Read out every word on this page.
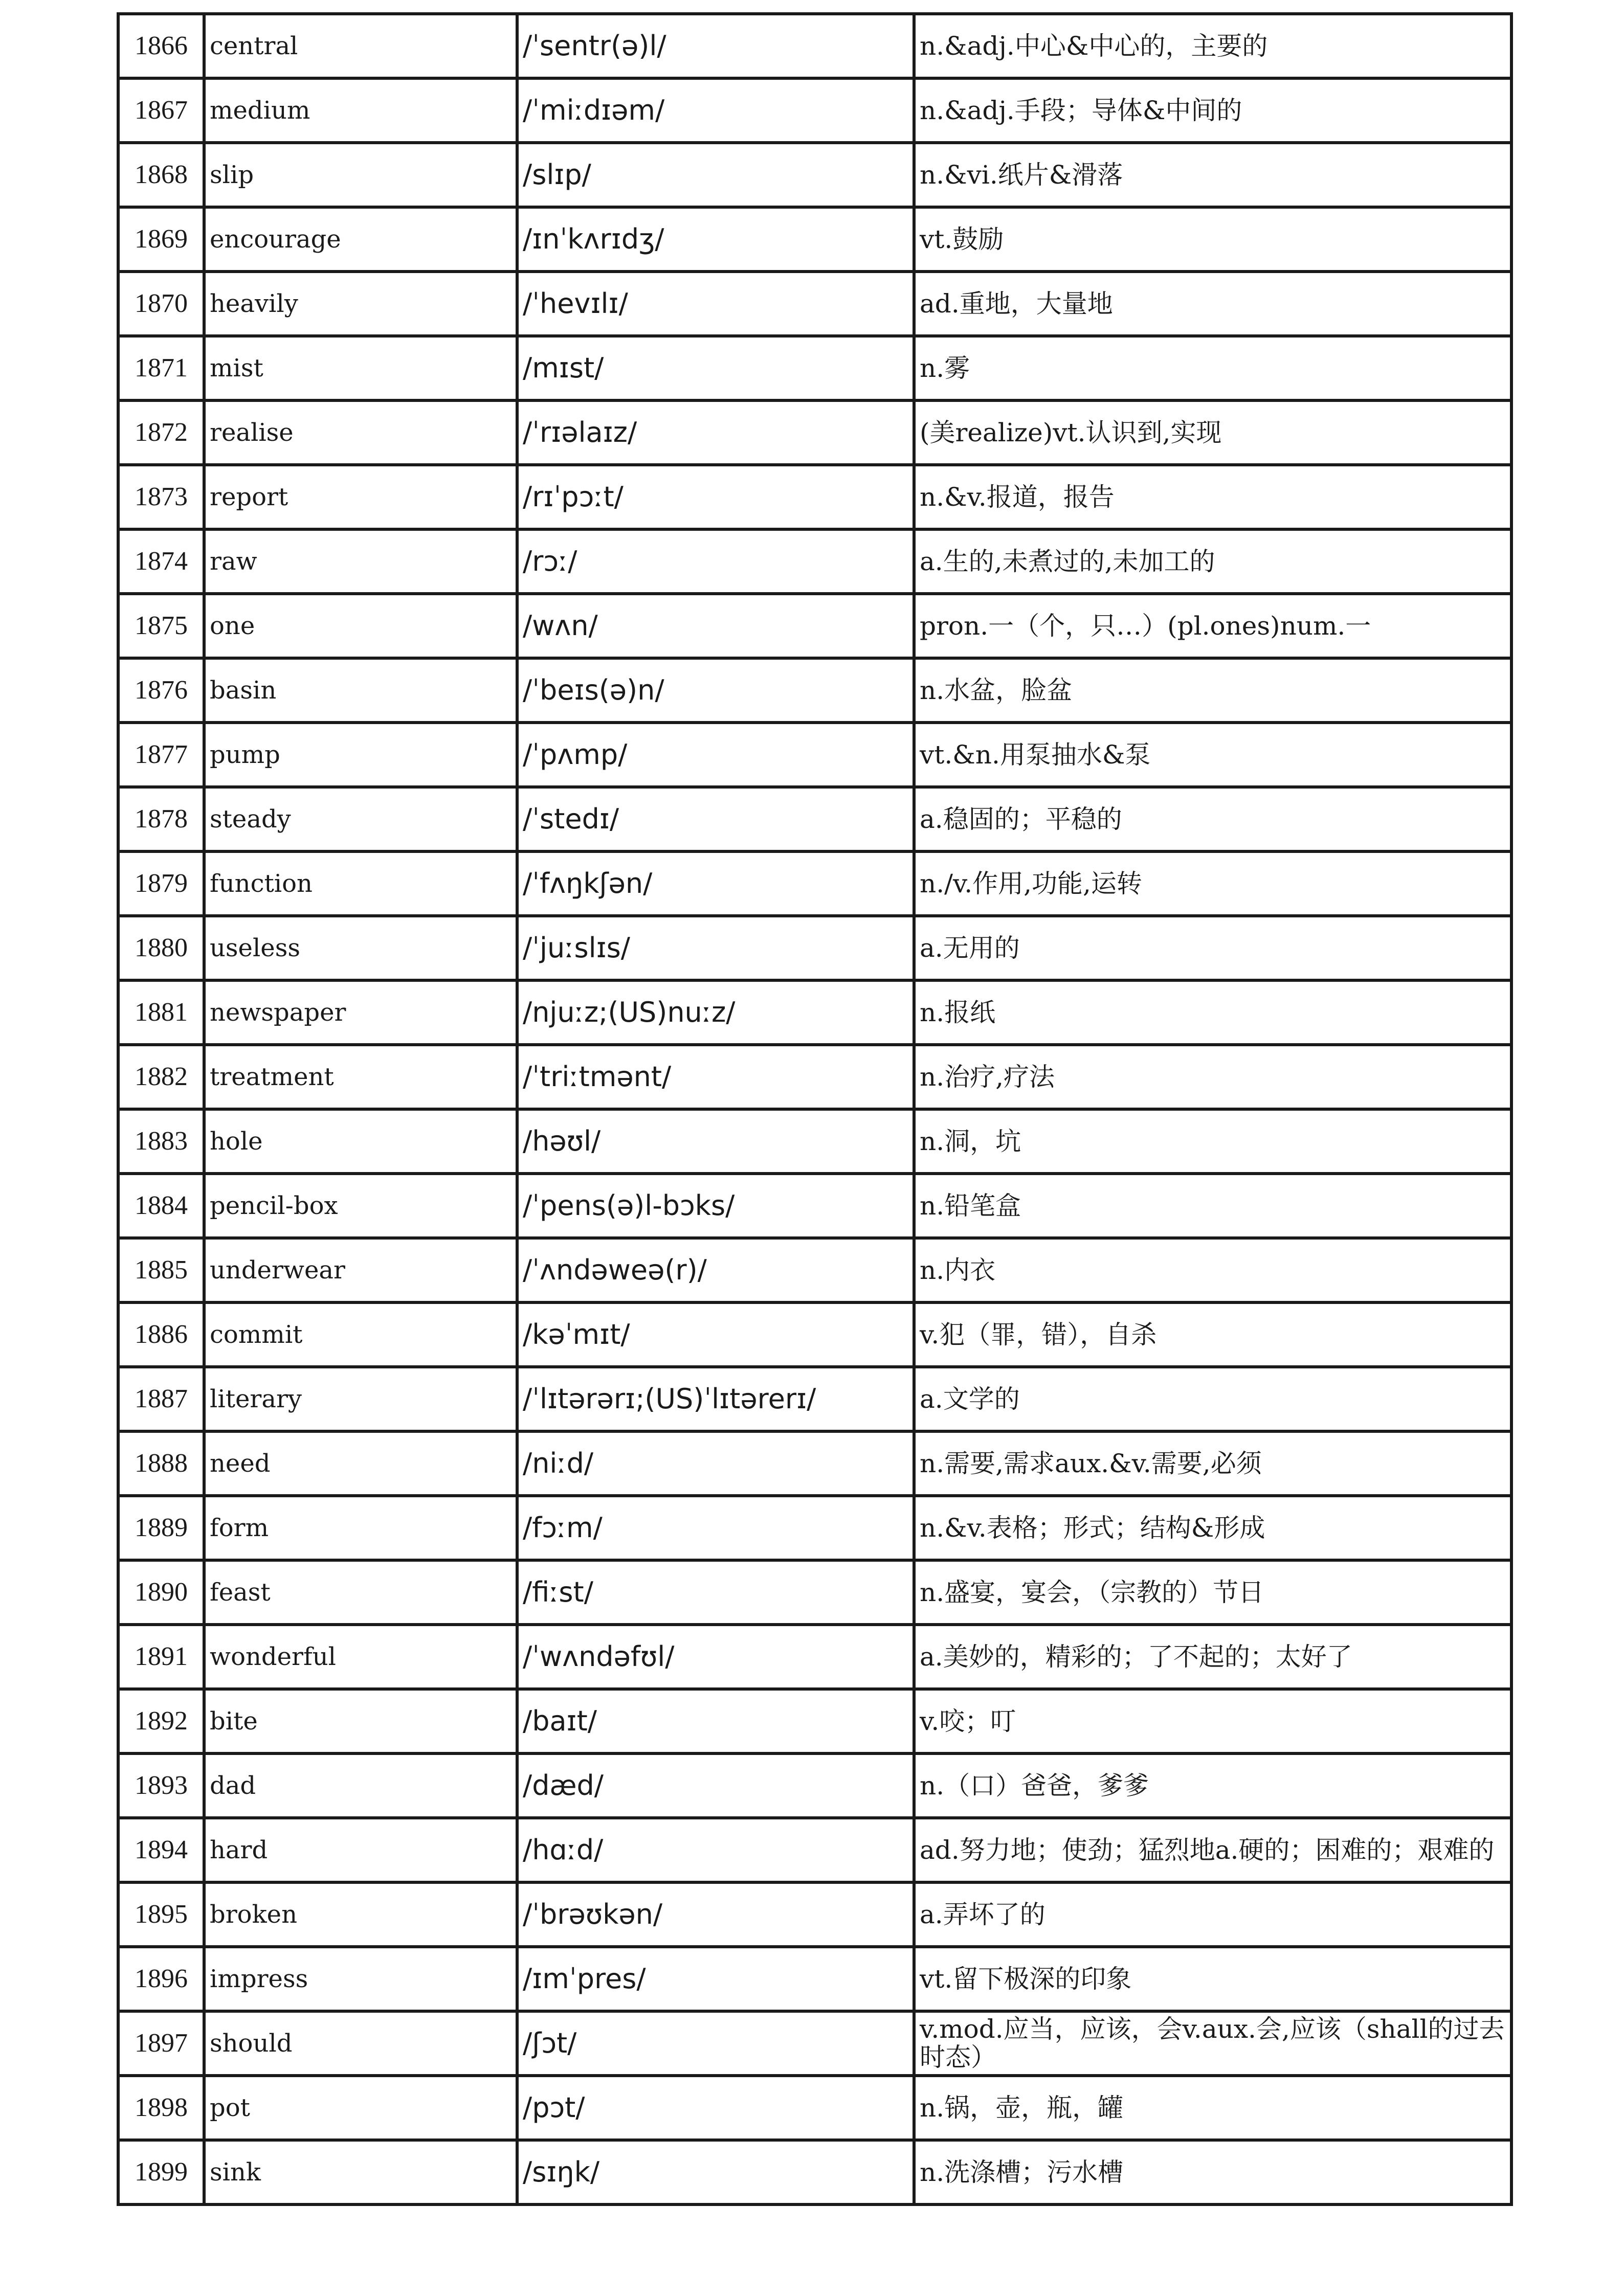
1866	central	/ˈsentr(ə)l/	n.&adj.中心&中心的，主要的
1867	medium	/ˈmiːdɪəm/	n.&adj.手段；导体&中间的
1868	slip	/slɪp/	n.&vi.纸片&滑落
1869	encourage	/ɪnˈkʌrɪdʒ/	vt.鼓励
1870	heavily	/ˈhevɪlɪ/	ad.重地，大量地
1871	mist	/mɪst/	n.雾
1872	realise	/ˈrɪəlaɪz/	(美realize)vt.认识到,实现
1873	report	/rɪˈpɔːt/	n.&v.报道，报告
1874	raw	/rɔː/	a.生的,未煮过的,未加工的
1875	one	/wʌn/	pron.一（个，只…）(pl.ones)num.一
1876	basin	/ˈbeɪs(ə)n/	n.水盆，脸盆
1877	pump	/ˈpʌmp/	vt.&n.用泵抽水&泵
1878	steady	/ˈstedɪ/	a.稳固的；平稳的
1879	function	/ˈfʌŋkʃən/	n./v.作用,功能,运转
1880	useless	/ˈjuːslɪs/	a.无用的
1881	newspaper	/njuːz;(US)nuːz/	n.报纸
1882	treatment	/ˈtriːtmənt/	n.治疗,疗法
1883	hole	/həʊl/	n.洞，坑
1884	pencil-box	/ˈpens(ə)l-bɔks/	n.铅笔盒
1885	underwear	/ˈʌndəweə(r)/	n.内衣
1886	commit	/kəˈmɪt/	v.犯（罪，错），自杀
1887	literary	/ˈlɪtərərɪ;(US)ˈlɪtərerɪ/	a.文学的
1888	need	/niːd/	n.需要,需求aux.&v.需要,必须
1889	form	/fɔːm/	n.&v.表格；形式；结构&形成
1890	feast	/fiːst/	n.盛宴，宴会，（宗教的）节日
1891	wonderful	/ˈwʌndəfʊl/	a.美妙的，精彩的；了不起的；太好了
1892	bite	/baɪt/	v.咬；叮
1893	dad	/dæd/	n.（口）爸爸，爹爹
1894	hard	/hɑːd/	ad.努力地；使劲；猛烈地a.硬的；困难的；艰难的
1895	broken	/ˈbrəʊkən/	a.弄坏了的
1896	impress	/ɪmˈpres/	vt.留下极深的印象
1897	should	/ʃɔt/	v.mod.应当，应该，会v.aux.会,应该（shall的过去时态）
1898	pot	/pɔt/	n.锅，壶，瓶，罐
1899	sink	/sɪŋk/	n.洗涤槽；污水槽
